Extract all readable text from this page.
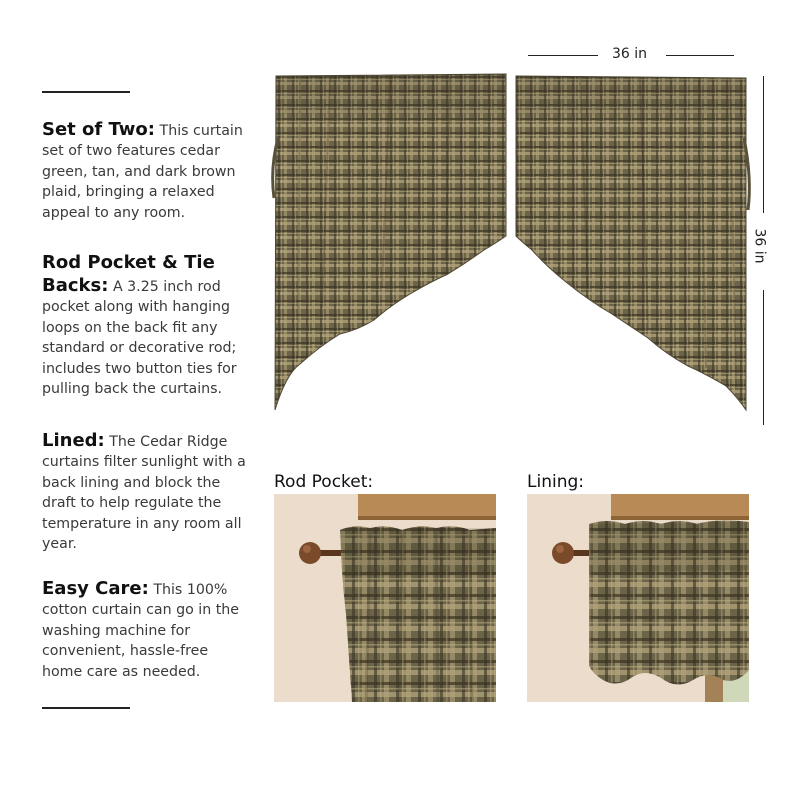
Set of Two: This curtain set of two features cedar green, tan, and dark brown plaid, bringing a relaxed appeal to any room.
Rod Pocket & Tie
Backs: A 3.25 inch rod pocket along with hanging loops on the back fit any standard or decorative rod; includes two button ties for pulling back the curtains.
Lined: The Cedar Ridge curtains filter sunlight with a back lining and block the draft to help regulate the temperature in any room all year.
Easy Care: This 100% cotton curtain can go in the washing machine for convenient, hassle-free home care as needed.
36 in
36 in
Rod Pocket:	Lining:
